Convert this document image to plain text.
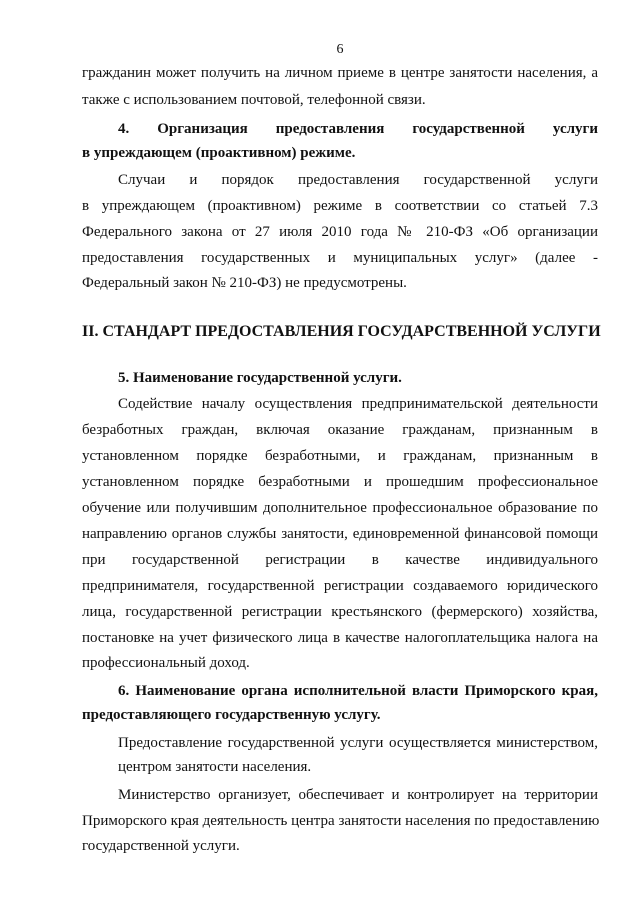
6
гражданин может получить на личном приеме в центре занятости населения, а
также с использованием почтовой, телефонной связи.
4. Организация предоставления государственной услуги
в упреждающем (проактивном) режиме.
Случаи и порядок предоставления государственной услуги
в упреждающем (проактивном) режиме в соответствии со статьей 7.3
Федерального закона от 27 июля 2010 года № 210-ФЗ «Об организации
предоставления государственных и муниципальных услуг» (далее -
Федеральный закон № 210-ФЗ) не предусмотрены.
II. СТАНДАРТ ПРЕДОСТАВЛЕНИЯ ГОСУДАРСТВЕННОЙ УСЛУГИ
5. Наименование государственной услуги.
Содействие началу осуществления предпринимательской деятельности
безработных граждан, включая оказание гражданам, признанным в
установленном порядке безработными, и гражданам, признанным в
установленном порядке безработными и прошедшим профессиональное
обучение или получившим дополнительное профессиональное образование по
направлению органов службы занятости, единовременной финансовой помощи
при государственной регистрации в качестве индивидуального
предпринимателя, государственной регистрации создаваемого юридического
лица, государственной регистрации крестьянского (фермерского) хозяйства,
постановке на учет физического лица в качестве налогоплательщика налога на
профессиональный доход.
6. Наименование органа исполнительной власти Приморского края,
предоставляющего государственную услугу.
Предоставление государственной услуги осуществляется министерством,
центром занятости населения.
Министерство организует, обеспечивает и контролирует на территории
Приморского края деятельность центра занятости населения по предоставлению
государственной услуги.
